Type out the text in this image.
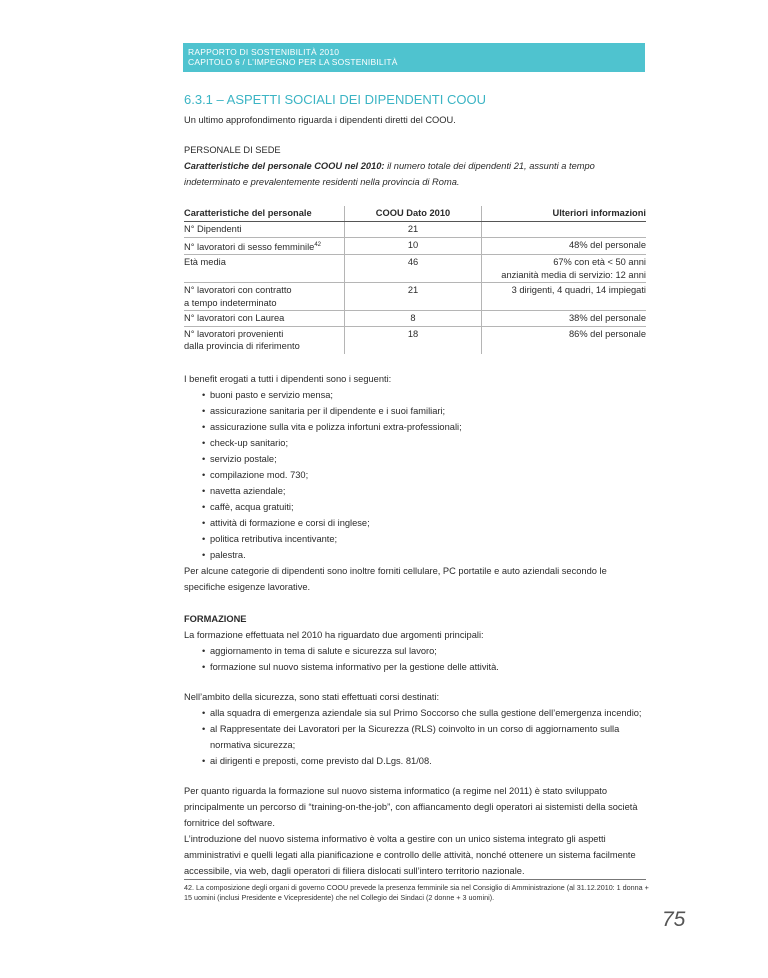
RAPPORTO DI SOSTENIBILITÀ 2010
CAPITOLO 6 / L’IMPEGNO PER LA SOSTENIBILITÀ
6.3.1 – ASPETTI SOCIALI DEI DIPENDENTI COOU

Un ultimo approfondimento riguarda i dipendenti diretti del COOU.

PERSONALE DI SEDE

Caratteristiche del personale COOU nel 2010: il numero totale dei dipendenti 21, assunti a tempo indeterminato e prevalentemente residenti nella provincia di Roma.

Caratteristiche del personale	COOU Dato 2010	Ulteriori informazioni
N° Dipendenti	21	
N° lavoratori di sesso femminile$^{42}$	10	48% del personale
Età media	46	67% con età < 50 anni
anzianità media di servizio: 12 anni
N° lavoratori con contratto
a tempo indeterminato	21	3 dirigenti, 4 quadri, 14 impiegati
N° lavoratori con Laurea	8	38% del personale
N° lavoratori provenienti
dalla provincia di riferimento	18	86% del personale

I benefit erogati a tutti i dipendenti sono i seguenti:

• buoni pasto e servizio mensa;
• assicurazione sanitaria per il dipendente e i suoi familiari;
• assicurazione sulla vita e polizza infortuni extra-professionali;
• check-up sanitario;
• servizio postale;
• compilazione mod. 730;
• navetta aziendale;
• caffè, acqua gratuiti;
• attività di formazione e corsi di inglese;
• politica retributiva incentivante;
• palestra.

Per alcune categorie di dipendenti sono inoltre forniti cellulare, PC portatile e auto aziendali secondo le specifiche esigenze lavorative.

FORMAZIONE

La formazione effettuata nel 2010 ha riguardato due argomenti principali:

• aggiornamento in tema di salute e sicurezza sul lavoro;
• formazione sul nuovo sistema informativo per la gestione delle attività.

Nell’ambito della sicurezza, sono stati effettuati corsi destinati:

• alla squadra di emergenza aziendale sia sul Primo Soccorso che sulla gestione dell’emergenza incendio;
• al Rappresentate dei Lavoratori per la Sicurezza (RLS) coinvolto in un corso di aggiornamento sulla normativa sicurezza;
• ai dirigenti e preposti, come previsto dal D.Lgs. 81/08.

Per quanto riguarda la formazione sul nuovo sistema informatico (a regime nel 2011) è stato sviluppato principalmente un percorso di “training-on-the-job”, con affiancamento degli operatori ai sistemisti della società fornitrice del software.

L’introduzione del nuovo sistema informativo è volta a gestire con un unico sistema integrato gli aspetti amministrativi e quelli legati alla pianificazione e controllo delle attività, nonché ottenere un sistema facilmente accessibile, via web, dagli operatori di filiera dislocati sull’intero territorio nazionale.

42. La composizione degli organi di governo COOU prevede la presenza femminile sia nel Consiglio di Amministrazione (al 31.12.2010: 1 donna + 15 uomini (inclusi Presidente e Vicepresidente) che nel Collegio dei Sindaci (2 donne + 3 uomini).
75
